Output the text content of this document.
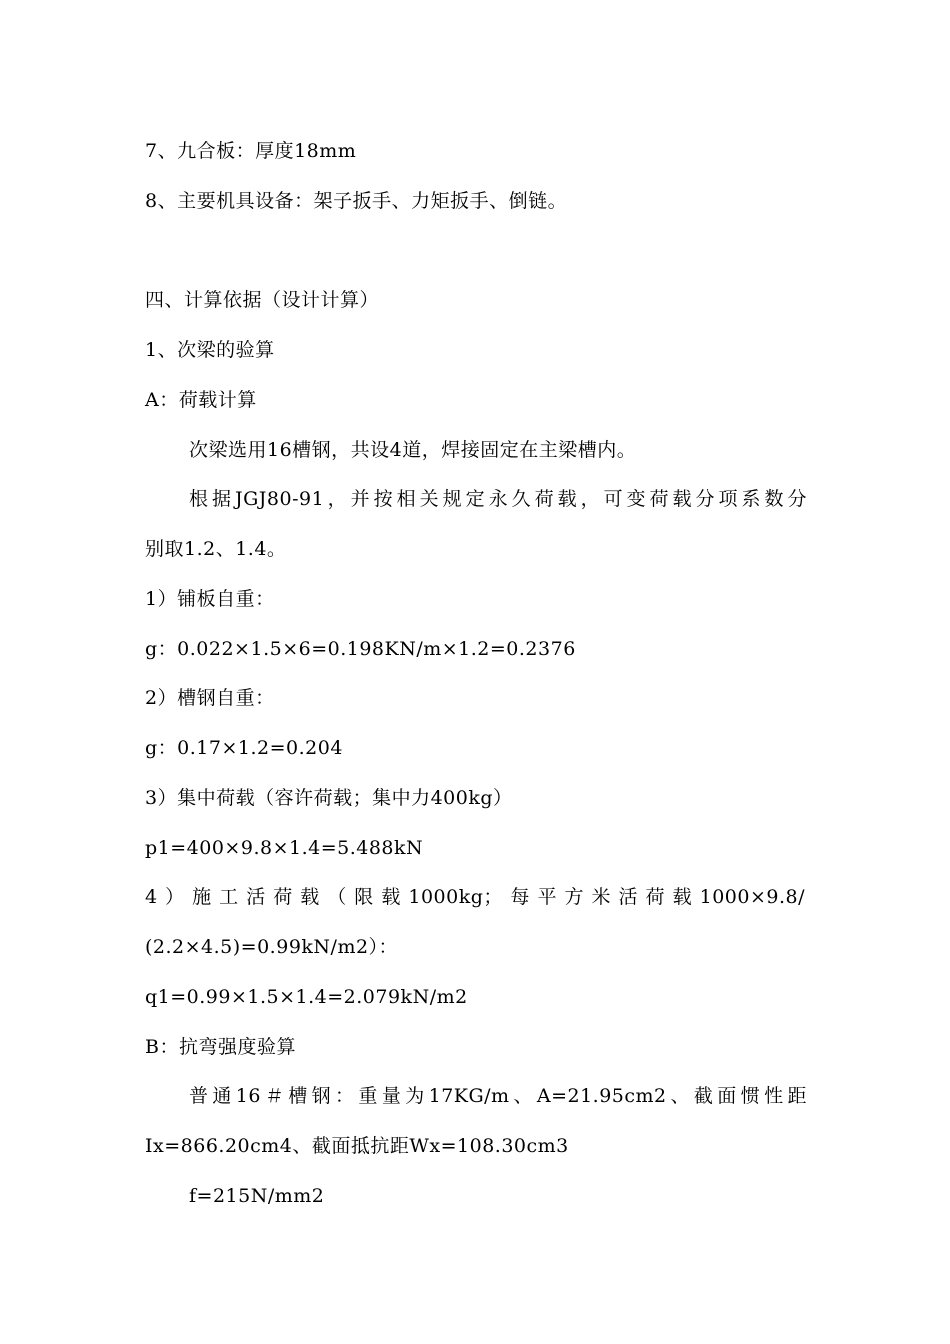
7、九合板：厚度18mm
8、主要机具设备：架子扳手、力矩扳手、倒链。
四、计算依据（设计计算）
1、次梁的验算
A：荷载计算
次梁选用16槽钢，共设4道，焊接固定在主梁槽内。
根据JGJ80-91，并按相关规定永久荷载，可变荷载分项系数分
别取1.2、1.4。
1）铺板自重：
g：0.022×1.5×6=0.198KN/m×1.2=0.2376
2）槽钢自重：
g：0.17×1.2=0.204
3）集中荷载（容许荷载；集中力400kg）
p1=400×9.8×1.4=5.488kN
4）施工活荷载（限载1000kg；每平方米活荷载1000×9.8/
(2.2×4.5)=0.99kN/m2）：
q1=0.99×1.5×1.4=2.079kN/m2
B：抗弯强度验算
普通16＃槽钢：重量为17KG/m、A=21.95cm2、截面惯性距
Ix=866.20cm4、截面抵抗距Wx=108.30cm3
f=215N/mm2
